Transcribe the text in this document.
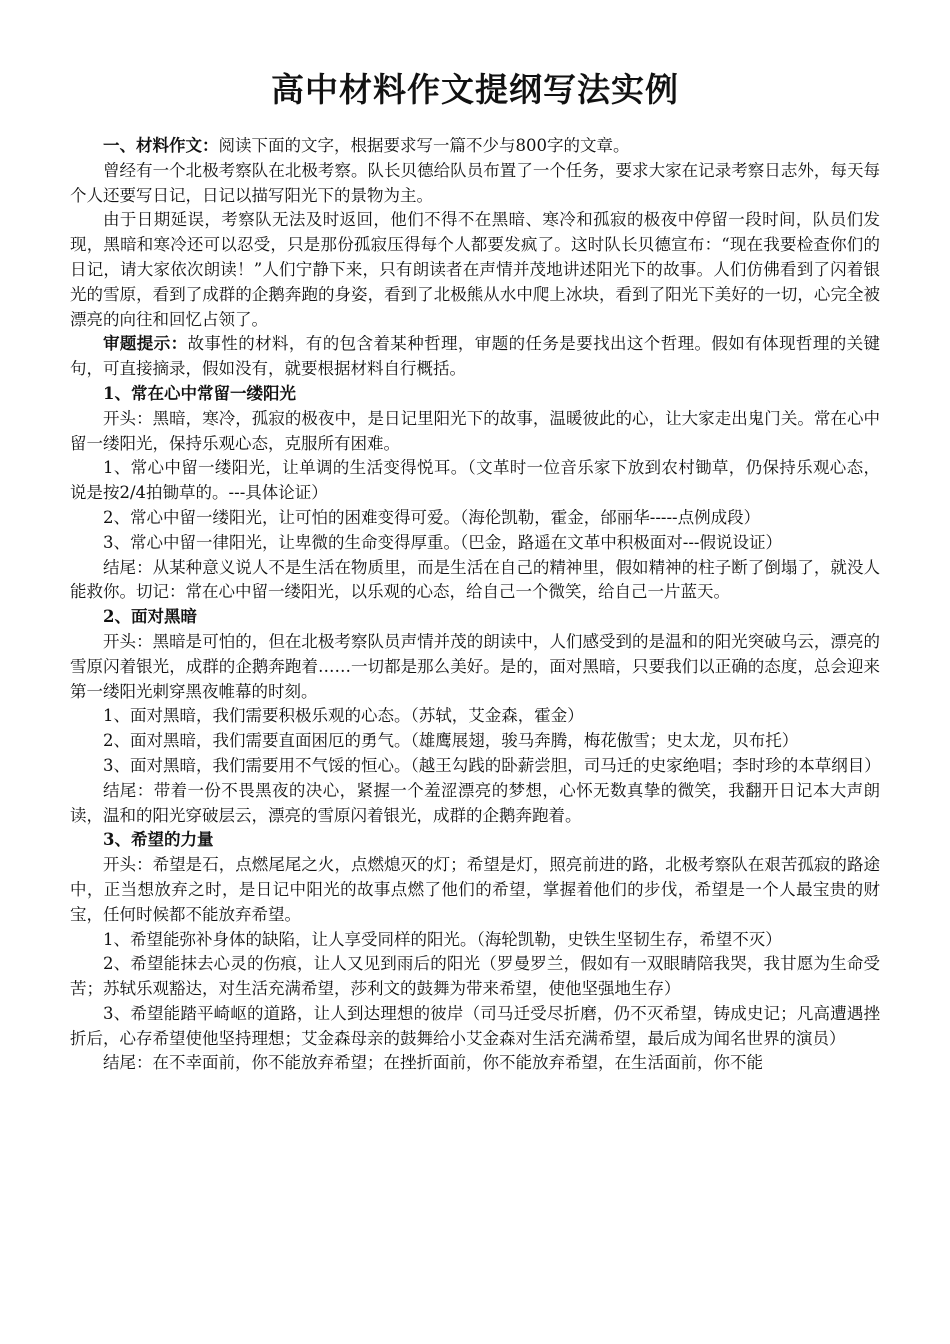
高中材料作文提纲写法实例

一、材料作文：阅读下面的文字，根据要求写一篇不少与800字的文章。

曾经有一个北极考察队在北极考察。队长贝德给队员布置了一个任务，要求大家在记录考察日志外，每天每个人还要写日记，日记以描写阳光下的景物为主。

由于日期延误，考察队无法及时返回，他们不得不在黑暗、寒冷和孤寂的极夜中停留一段时间，队员们发现，黑暗和寒冷还可以忍受，只是那份孤寂压得每个人都要发疯了。这时队长贝德宣布：“现在我要检查你们的日记，请大家依次朗读！”人们宁静下来，只有朗读者在声情并茂地讲述阳光下的故事。人们仿佛看到了闪着银光的雪原，看到了成群的企鹅奔跑的身姿，看到了北极熊从水中爬上冰块，看到了阳光下美好的一切，心完全被漂亮的向往和回忆占领了。

审题提示：故事性的材料，有的包含着某种哲理，审题的任务是要找出这个哲理。假如有体现哲理的关键句，可直接摘录，假如没有，就要根据材料自行概括。

1、常在心中常留一缕阳光

开头：黑暗，寒冷，孤寂的极夜中，是日记里阳光下的故事，温暖彼此的心，让大家走出鬼门关。常在心中留一缕阳光，保持乐观心态，克服所有困难。

1、常心中留一缕阳光，让单调的生活变得悦耳。（文革时一位音乐家下放到农村锄草，仍保持乐观心态，说是按2/4拍锄草的。---具体论证）

2、常心中留一缕阳光，让可怕的困难变得可爱。（海伦凯勒，霍金，邰丽华-----点例成段）

3、常心中留一律阳光，让卑微的生命变得厚重。（巴金，路遥在文革中积极面对---假说设证）

结尾：从某种意义说人不是生活在物质里，而是生活在自己的精神里，假如精神的柱子断了倒塌了，就没人能救你。切记：常在心中留一缕阳光，以乐观的心态，给自己一个微笑，给自己一片蓝天。

2、面对黑暗

开头：黑暗是可怕的，但在北极考察队员声情并茂的朗读中，人们感受到的是温和的阳光突破乌云，漂亮的雪原闪着银光，成群的企鹅奔跑着……一切都是那么美好。是的，面对黑暗，只要我们以正确的态度，总会迎来第一缕阳光刺穿黑夜帷幕的时刻。

1、面对黑暗，我们需要积极乐观的心态。（苏轼，艾金森，霍金）

2、面对黑暗，我们需要直面困厄的勇气。（雄鹰展翅，骏马奔腾，梅花傲雪；史太龙，贝布托）

3、面对黑暗，我们需要用不气馁的恒心。（越王勾践的卧薪尝胆，司马迁的史家绝唱；李时珍的本草纲目）

结尾：带着一份不畏黑夜的决心，紧握一个羞涩漂亮的梦想，心怀无数真挚的微笑，我翻开日记本大声朗读，温和的阳光穿破层云，漂亮的雪原闪着银光，成群的企鹅奔跑着。

3、希望的力量

开头：希望是石，点燃尾尾之火，点燃熄灭的灯；希望是灯，照亮前进的路，北极考察队在艰苦孤寂的路途中，正当想放弃之时，是日记中阳光的故事点燃了他们的希望，掌握着他们的步伐，希望是一个人最宝贵的财宝，任何时候都不能放弃希望。

1、希望能弥补身体的缺陷，让人享受同样的阳光。（海轮凯勒，史铁生坚韧生存，希望不灭）

2、希望能抹去心灵的伤痕，让人又见到雨后的阳光（罗曼罗兰，假如有一双眼睛陪我哭，我甘愿为生命受苦；苏轼乐观豁达，对生活充满希望，莎利文的鼓舞为带来希望，使他坚强地生存）

3、希望能踏平崎岖的道路，让人到达理想的彼岸（司马迁受尽折磨，仍不灭希望，铸成史记；凡高遭遇挫折后，心存希望使他坚持理想；艾金森母亲的鼓舞给小艾金森对生活充满希望，最后成为闻名世界的演员）

结尾：在不幸面前，你不能放弃希望；在挫折面前，你不能放弃希望，在生活面前，你不能
